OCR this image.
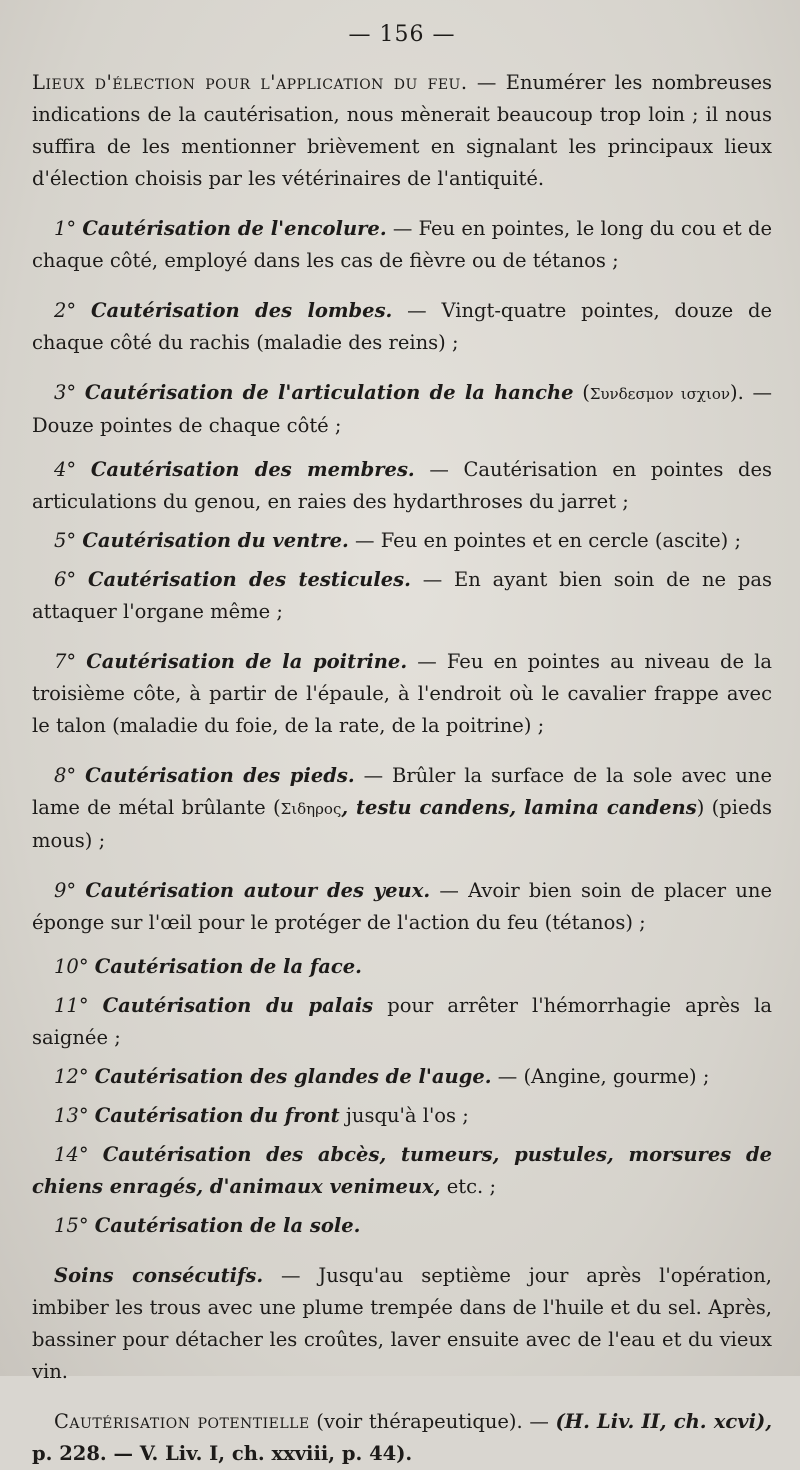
— 156 —

Lieux d'élection pour l'application du feu. — Enumérer les nombreuses indications de la cautérisation, nous mènerait beaucoup trop loin ; il nous suffira de les mentionner brièvement en signalant les principaux lieux d'élection choisis par les vétérinaires de l'antiquité.

1° Cautérisation de l'encolure. — Feu en pointes, le long du cou et de chaque côté, employé dans les cas de fièvre ou de tétanos ;

2° Cautérisation des lombes. — Vingt-quatre pointes, douze de chaque côté du rachis (maladie des reins) ;

3° Cautérisation de l'articulation de la hanche (Συνδεσμον ισχιον). — Douze pointes de chaque côté ;

4° Cautérisation des membres. — Cautérisation en pointes des articulations du genou, en raies des hydarthroses du jarret ;

5° Cautérisation du ventre. — Feu en pointes et en cercle (ascite) ;

6° Cautérisation des testicules. — En ayant bien soin de ne pas attaquer l'organe même ;

7° Cautérisation de la poitrine. — Feu en pointes au niveau de la troisième côte, à partir de l'épaule, à l'endroit où le cavalier frappe avec le talon (maladie du foie, de la rate, de la poitrine) ;

8° Cautérisation des pieds. — Brûler la surface de la sole avec une lame de métal brûlante (Σιδηρος, testu candens, lamina candens) (pieds mous) ;

9° Cautérisation autour des yeux. — Avoir bien soin de placer une éponge sur l'œil pour le protéger de l'action du feu (tétanos) ;

10° Cautérisation de la face.

11° Cautérisation du palais pour arrêter l'hémorrhagie après la saignée ;

12° Cautérisation des glandes de l'auge. — (Angine, gourme) ;

13° Cautérisation du front jusqu'à l'os ;

14° Cautérisation des abcès, tumeurs, pustules, morsures de chiens enragés, d'animaux venimeux, etc. ;

15° Cautérisation de la sole.

Soins consécutifs. — Jusqu'au septième jour après l'opération, imbiber les trous avec une plume trempée dans de l'huile et du sel. Après, bassiner pour détacher les croûtes, laver ensuite avec de l'eau et du vieux vin.

Cautérisation potentielle (voir thérapeutique). — (H. Liv. II, ch. xcvi), p. 228. — V. Liv. I, ch. xxviii, p. 44).
